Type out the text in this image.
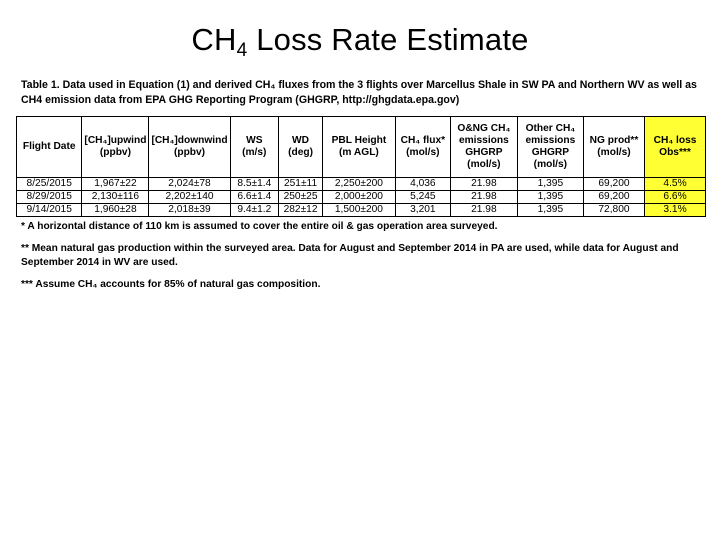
$CH_4$ Loss Rate Estimate
Table 1. Data used in Equation (1) and derived CH₄ fluxes from the 3 flights over Marcellus Shale in SW PA and Northern WV as well as CH4 emission data from EPA GHG Reporting Program (GHGRP, http://ghgdata.epa.gov)
Flight Date	[CH₄]upwind (ppbv)	[CH₄]downwind (ppbv)	WS (m/s)	WD (deg)	PBL Height (m AGL)	CH₄ flux* (mol/s)	O&NG CH₄ emissions GHGRP (mol/s)	Other CH₄ emissions GHGRP (mol/s)	NG prod** (mol/s)	CH₄ loss Obs***
8/25/2015	1,967±22	2,024±78	8.5±1.4	251±11	2,250±200	4,036	21.98	1,395	69,200	4.5%
8/29/2015	2,130±116	2,202±140	6.6±1.4	250±25	2,000±200	5,245	21.98	1,395	69,200	6.6%
9/14/2015	1,960±28	2,018±39	9.4±1.2	282±12	1,500±200	3,201	21.98	1,395	72,800	3.1%

* A horizontal distance of 110 km is assumed to cover the entire oil & gas operation area surveyed.

** Mean natural gas production within the surveyed area. Data for August and September 2014 in PA are used, while data for August and September 2014 in WV are used.

*** Assume CH₄ accounts for 85% of natural gas composition.
